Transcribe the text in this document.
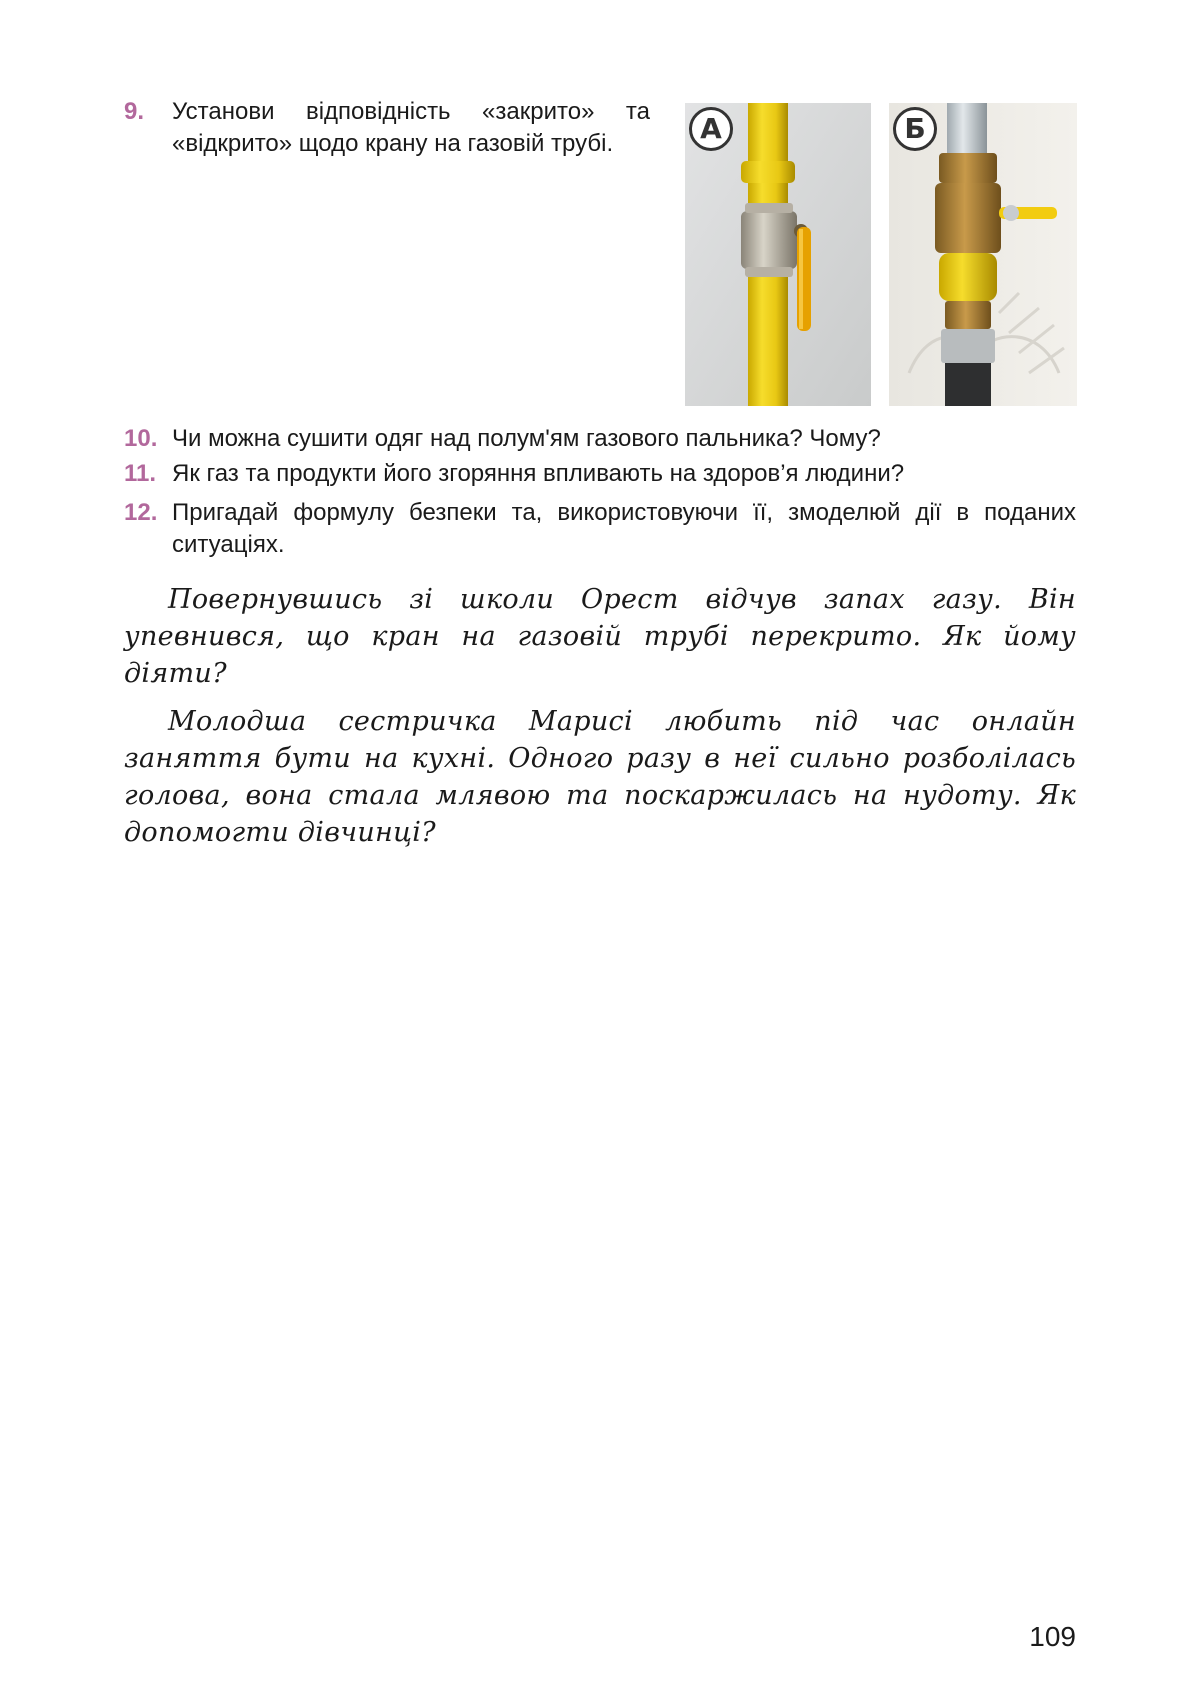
9. Установи відповідність «закрито» та «відкрито» щодо крану на газовій трубі.	А	Б
10. Чи можна сушити одяг над полум'ям газового пальника? Чому?
11. Як газ та продукти його згоряння впливають на здоров’я людини?
12. Пригадай формулу безпеки та, використовуючи її, змоделюй дії в поданих ситуаціях.

Повернувшись зі школи Орест відчув запах газу. Він упевнився, що кран на газовій трубі перекрито. Як йому діяти?

Молодша сестричка Марисі любить під час онлайн заняття бути на кухні. Одного разу в неї сильно розболілась голова, вона стала млявою та поскаржилась на нудоту. Як допомогти дівчинці?

109
